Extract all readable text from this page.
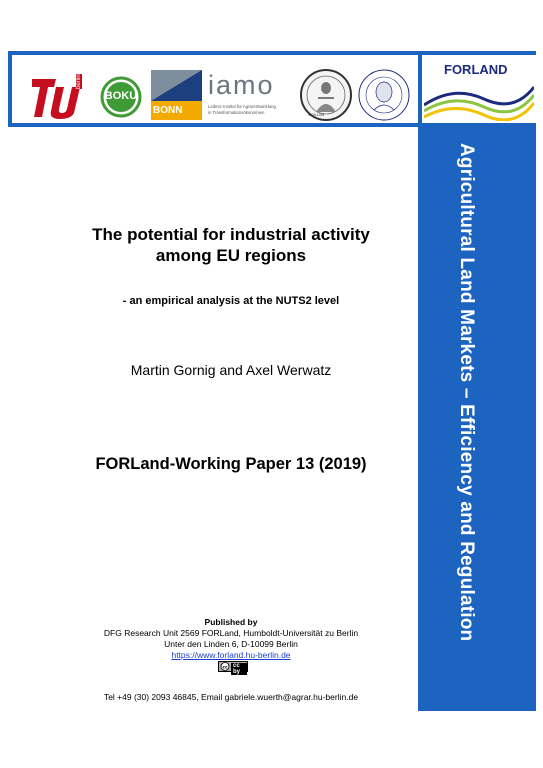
berlin
BOKU
BONN
iamo
Leibniz-Institut für Agrarentwicklung
in Transformationsökonomien	SIGILLUM
FORLAND
Agricultural Land Markets – Efficiency and Regulation
The potential for industrial activity
among EU regions
- an empirical analysis at the NUTS2 level
Martin Gornig and Axel Werwatz
FORLand-Working Paper 13 (2019)
Published by
DFG Research Unit 2569 FORLand, Humboldt-Universität zu Berlin
Unter den Linden 6, D-10099 Berlin
https://www.forland.hu-berlin.de
cc cc by
Tel +49 (30) 2093 46845, Email gabriele.wuerth@agrar.hu-berlin.de
